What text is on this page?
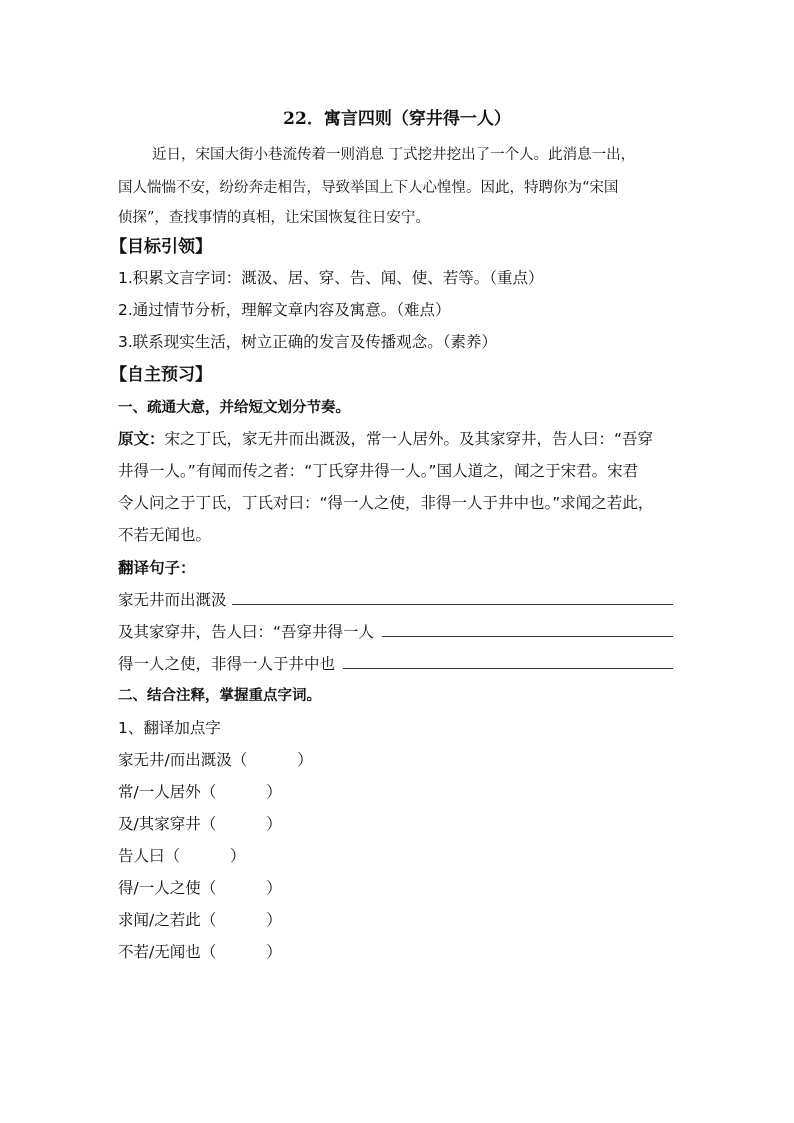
22．寓言四则（穿井得一人）
近日，宋国大街小巷流传着一则消息 丁式挖井挖出了一个人。此消息一出，
国人惴惴不安，纷纷奔走相告，导致举国上下人心惶惶。因此，特聘你为“宋国
侦探”，查找事情的真相，让宋国恢复往日安宁。
【目标引领】
1.积累文言字词：溉汲、居、穿、告、闻、使、若等。（重点）
2.通过情节分析，理解文章内容及寓意。（难点）
3.联系现实生活，树立正确的发言及传播观念。（素养）
【自主预习】
一、疏通大意，并给短文划分节奏。
原文：宋之丁氏，家无井而出溉汲，常一人居外。及其家穿井，告人曰：“吾穿
井得一人。”有闻而传之者：“丁氏穿井得一人。”国人道之，闻之于宋君。宋君
令人问之于丁氏，丁氏对曰：“得一人之使，非得一人于井中也。”求闻之若此，
不若无闻也。
翻译句子：
家无井而出溉汲
及其家穿井，告人曰：“吾穿井得一人
得一人之使，非得一人于井中也
二、结合注释，掌握重点字词。
1、翻译加点字
家无井/而出溉汲（	）
常/一人居外（	）
及/其家穿井（	）
告人曰（	）
得/一人之使（	）
求闻/之若此（	）
不若/无闻也（	）
